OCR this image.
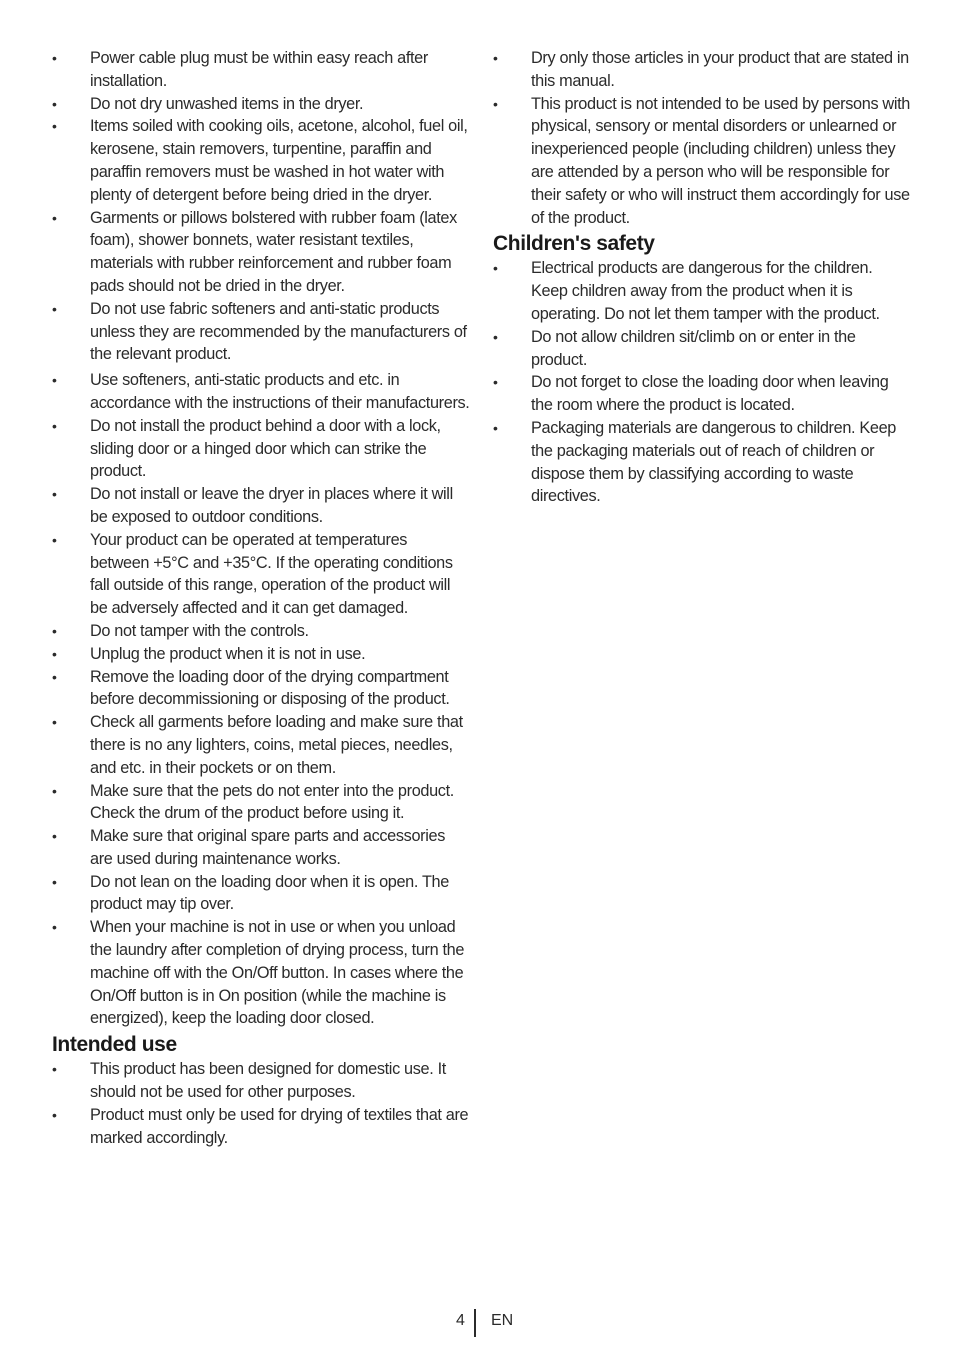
• Power cable plug must be within easy reach after installation.
• Do not dry unwashed items in the dryer.
• Items soiled with cooking oils, acetone, alcohol, fuel oil, kerosene, stain removers, turpentine, paraffin and paraffin removers must be washed in hot water with plenty of detergent before being dried in the dryer.
• Garments or pillows bolstered with rubber foam (latex foam), shower bonnets, water resistant textiles, materials with rubber reinforcement and rubber foam pads should not be dried in the dryer.
• Do not use fabric softeners and anti-static products unless they are recommended by the manufacturers of the relevant product.
• Use softeners, anti-static products and etc. in accordance with the instructions of their manufacturers.
• Do not install the product behind a door with a lock, sliding door or a hinged door which can strike the product.
• Do not install or leave the dryer in places where it will be exposed to outdoor conditions.
• Your product can be operated at temperatures between +5°C and +35°C. If the operating conditions fall outside of this range, operation of the product will be adversely affected and it can get damaged.
• Do not tamper with the controls.
• Unplug the product when it is not in use.
• Remove the loading door of the drying compartment before decommissioning or disposing of the product.
• Check all garments before loading and make sure that there is no any lighters, coins, metal pieces, needles, and etc. in their pockets or on them.
• Make sure that the pets do not enter into the product. Check the drum of the product before using it.
• Make sure that original spare parts and accessories are used during maintenance works.
• Do not lean on the loading door when it is open. The product may tip over.
• When your machine is not in use or when you unload the laundry after completion of drying process, turn the machine off with the On/Off button. In cases where the On/Off button is in On position (while the machine is energized), keep the loading door closed.
Intended use
• This product has been designed for domestic use. It should not be used for other purposes.
• Product must only be used for drying of textiles that are marked accordingly.
• Dry only those articles in your product that are stated in this manual.
• This product is not intended to be used by persons with physical, sensory or mental disorders or unlearned or inexperienced people (including children) unless they are attended by a person who will be responsible for their safety or who will instruct them accordingly for use of the product.
Children's safety
• Electrical products are dangerous for the children. Keep children away from the product when it is operating. Do not let them tamper with the product.
• Do not allow children sit/climb on or enter in the product.
• Do not forget to close the loading door when leaving the room where the product is located.
• Packaging materials are dangerous to children. Keep the packaging materials out of reach of children or dispose them by classifying according to waste directives.
4 EN
